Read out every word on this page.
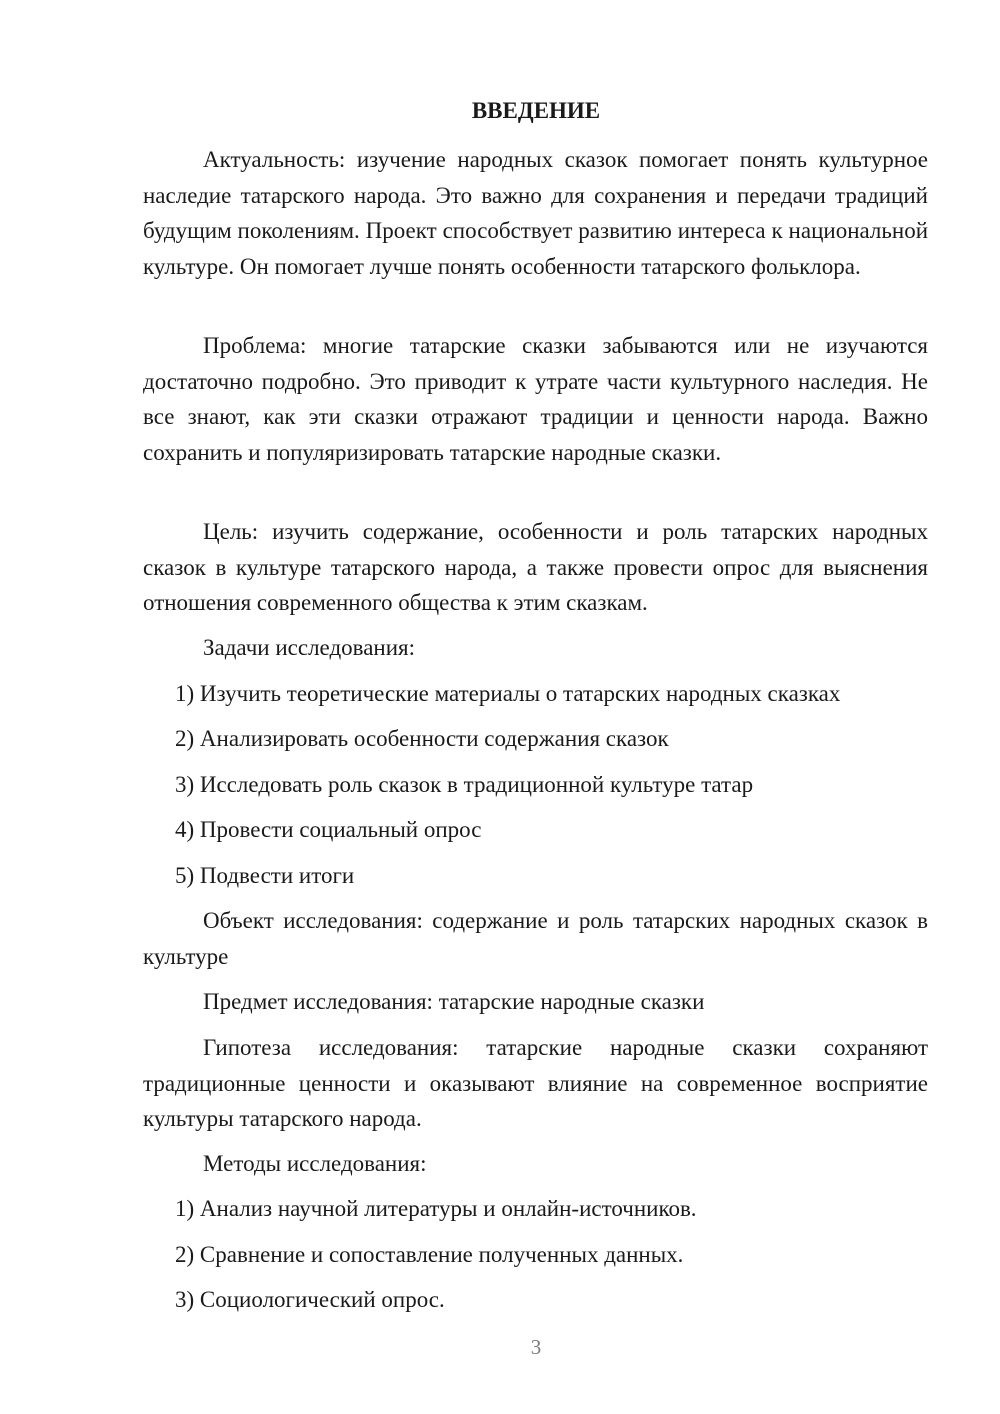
ВВЕДЕНИЕ

Актуальность: изучение народных сказок помогает понять культурное наследие татарского народа. Это важно для сохранения и передачи традиций будущим поколениям. Проект способствует развитию интереса к национальной культуре. Он помогает лучше понять особенности татарского фольклора.

Проблема: многие татарские сказки забываются или не изучаются достаточно подробно. Это приводит к утрате части культурного наследия. Не все знают, как эти сказки отражают традиции и ценности народа. Важно сохранить и популяризировать татарские народные сказки.

Цель: изучить содержание, особенности и роль татарских народных сказок в культуре татарского народа, а также провести опрос для выяснения отношения современного общества к этим сказкам.

Задачи исследования:

1) Изучить теоретические материалы о татарских народных сказках

2) Анализировать особенности содержания сказок

3) Исследовать роль сказок в традиционной культуре татар

4) Провести социальный опрос

5) Подвести итоги

Объект исследования: содержание и роль татарских народных сказок в культуре

Предмет исследования: татарские народные сказки

Гипотеза исследования: татарские народные сказки сохраняют традиционные ценности и оказывают влияние на современное восприятие культуры татарского народа.

Методы исследования:

1) Анализ научной литературы и онлайн-источников.

2) Сравнение и сопоставление полученных данных.

3) Социологический опрос.

3
